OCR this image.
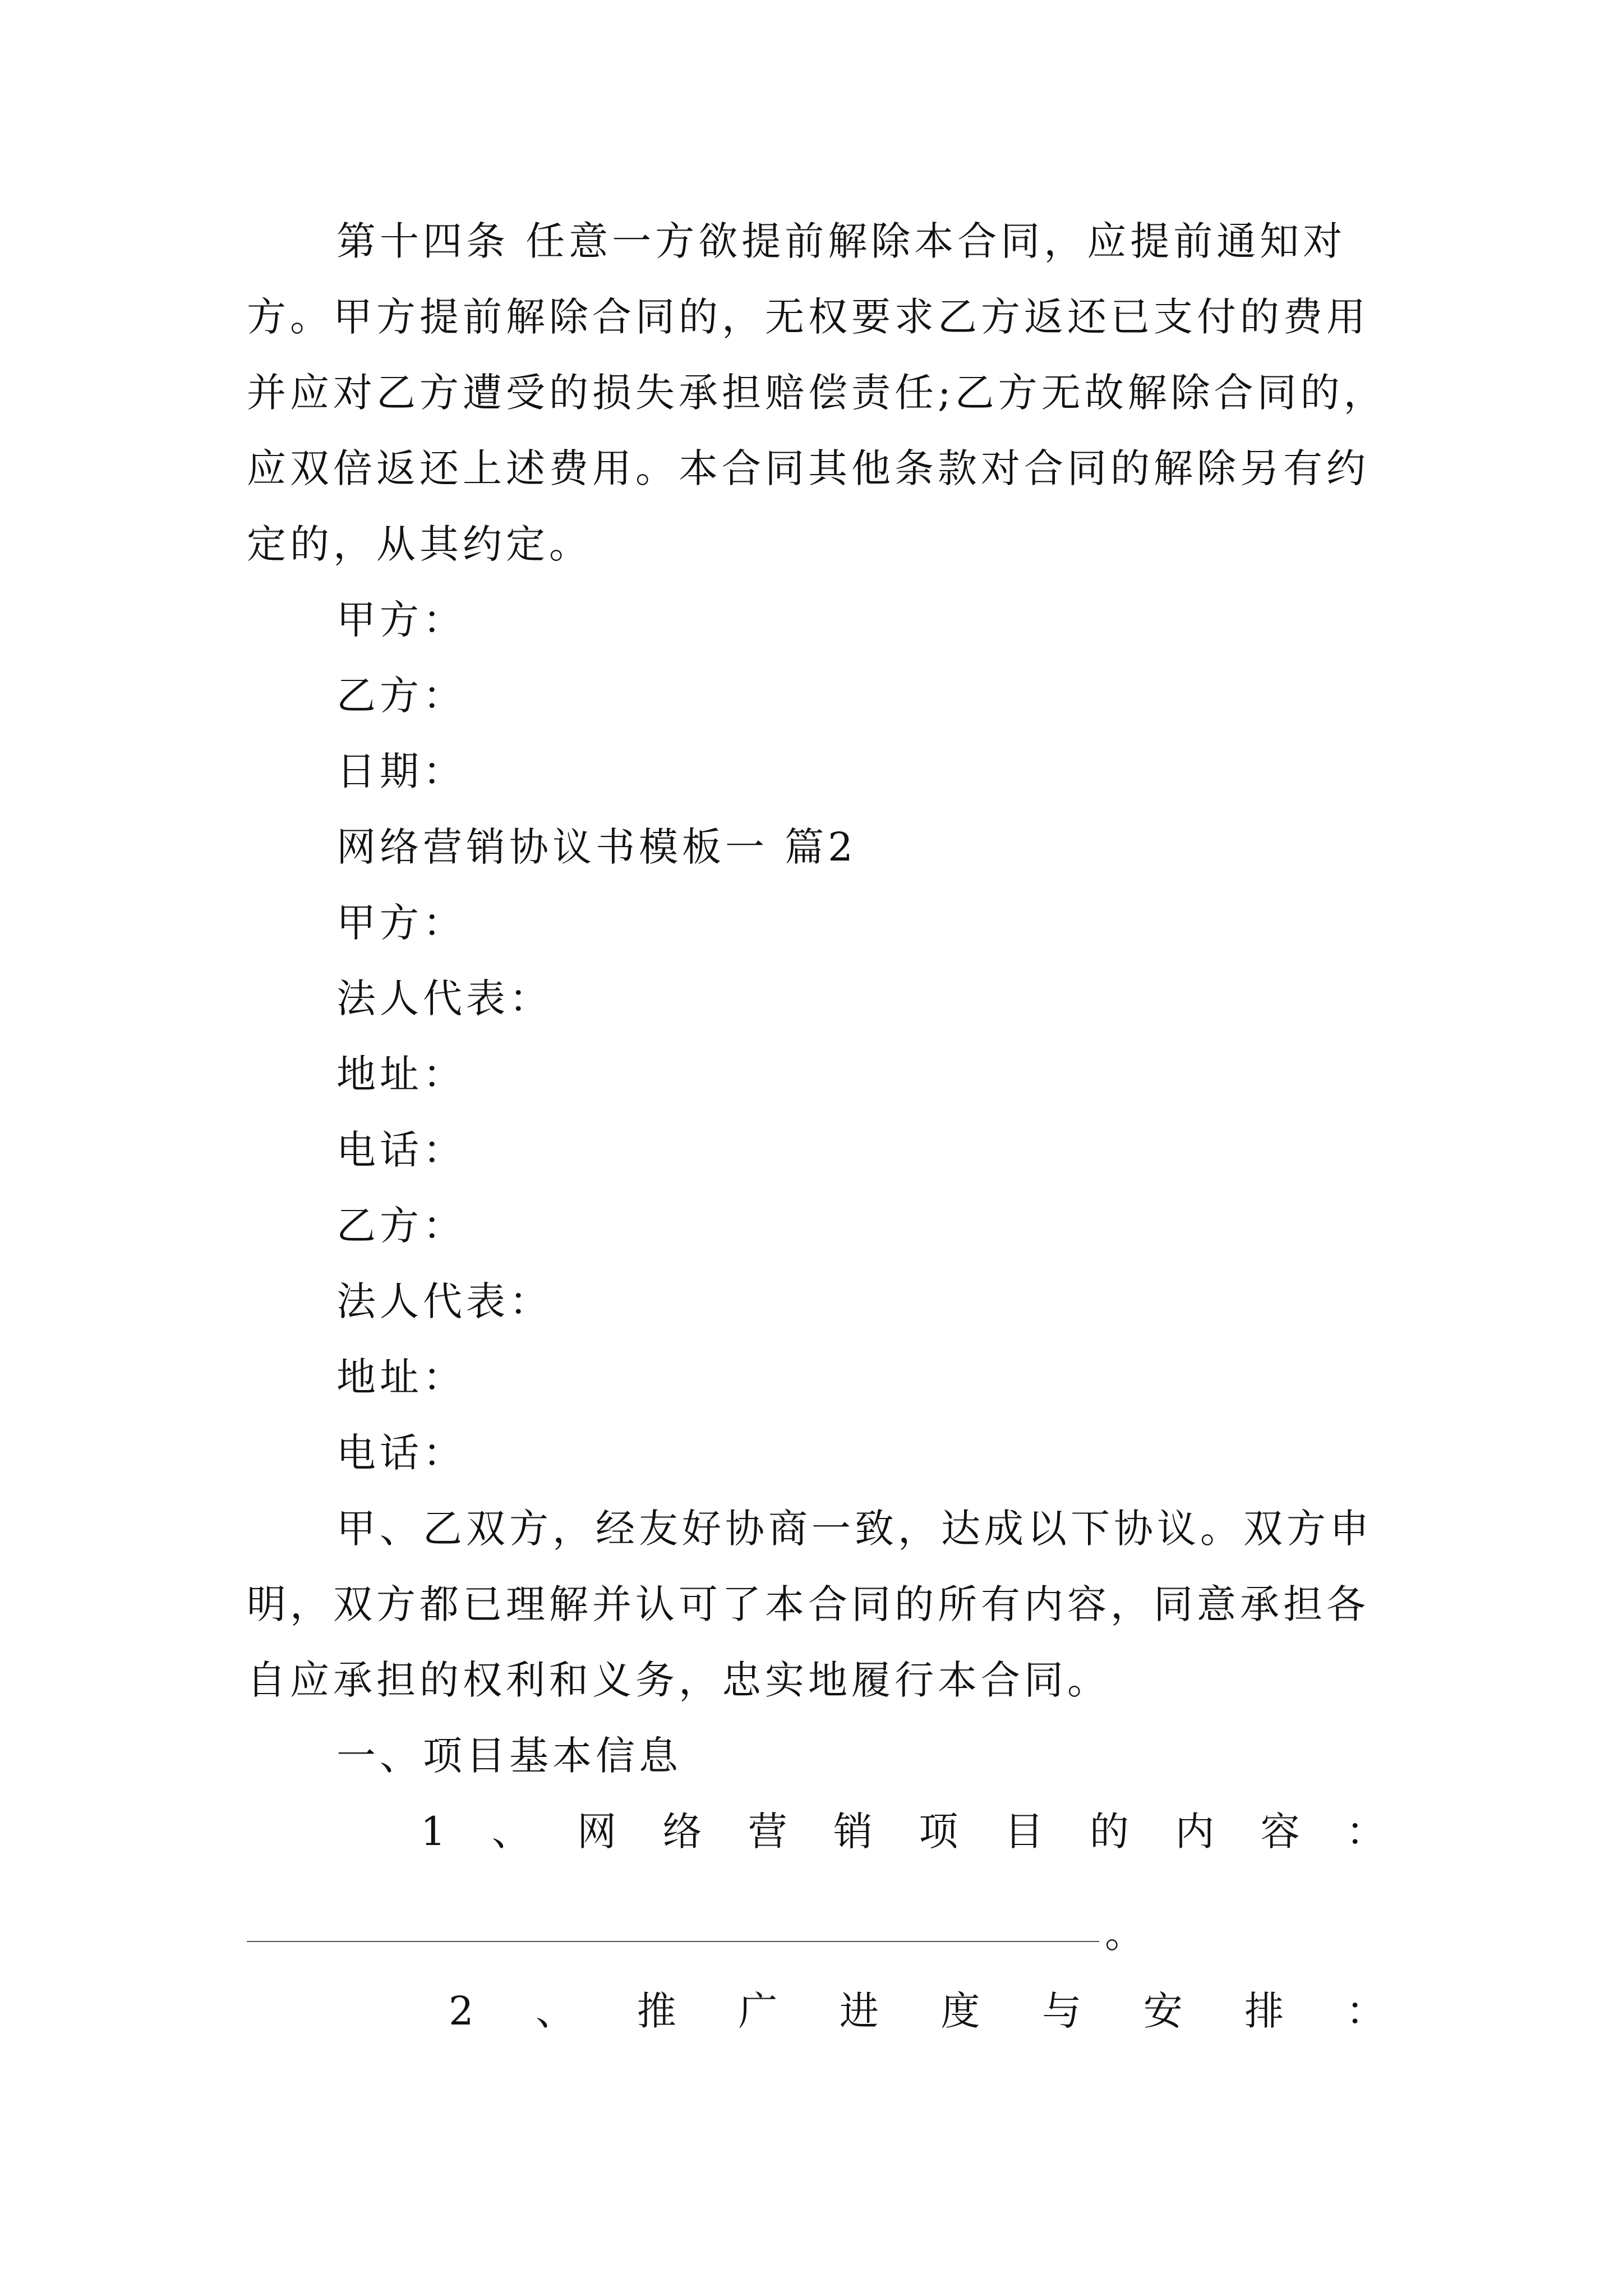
第十四条 任意一方欲提前解除本合同，应提前通知对
方。甲方提前解除合同的，无权要求乙方返还已支付的费用
并应对乙方遭受的损失承担赔偿责任;乙方无故解除合同的，
应双倍返还上述费用。本合同其他条款对合同的解除另有约
定的，从其约定。
甲方：
乙方：
日期：
网络营销协议书模板一 篇2
甲方：
法人代表：
地址：
电话：
乙方：
法人代表：
地址：
电话：
甲、乙双方，经友好协商一致，达成以下协议。双方申
明，双方都已理解并认可了本合同的所有内容，同意承担各
自应承担的权利和义务，忠实地履行本合同。
一、项目基本信息
1 、 网 络 营 销 项 目 的 内 容 ：
。
2 、 推 广 进 度 与 安 排 ：
